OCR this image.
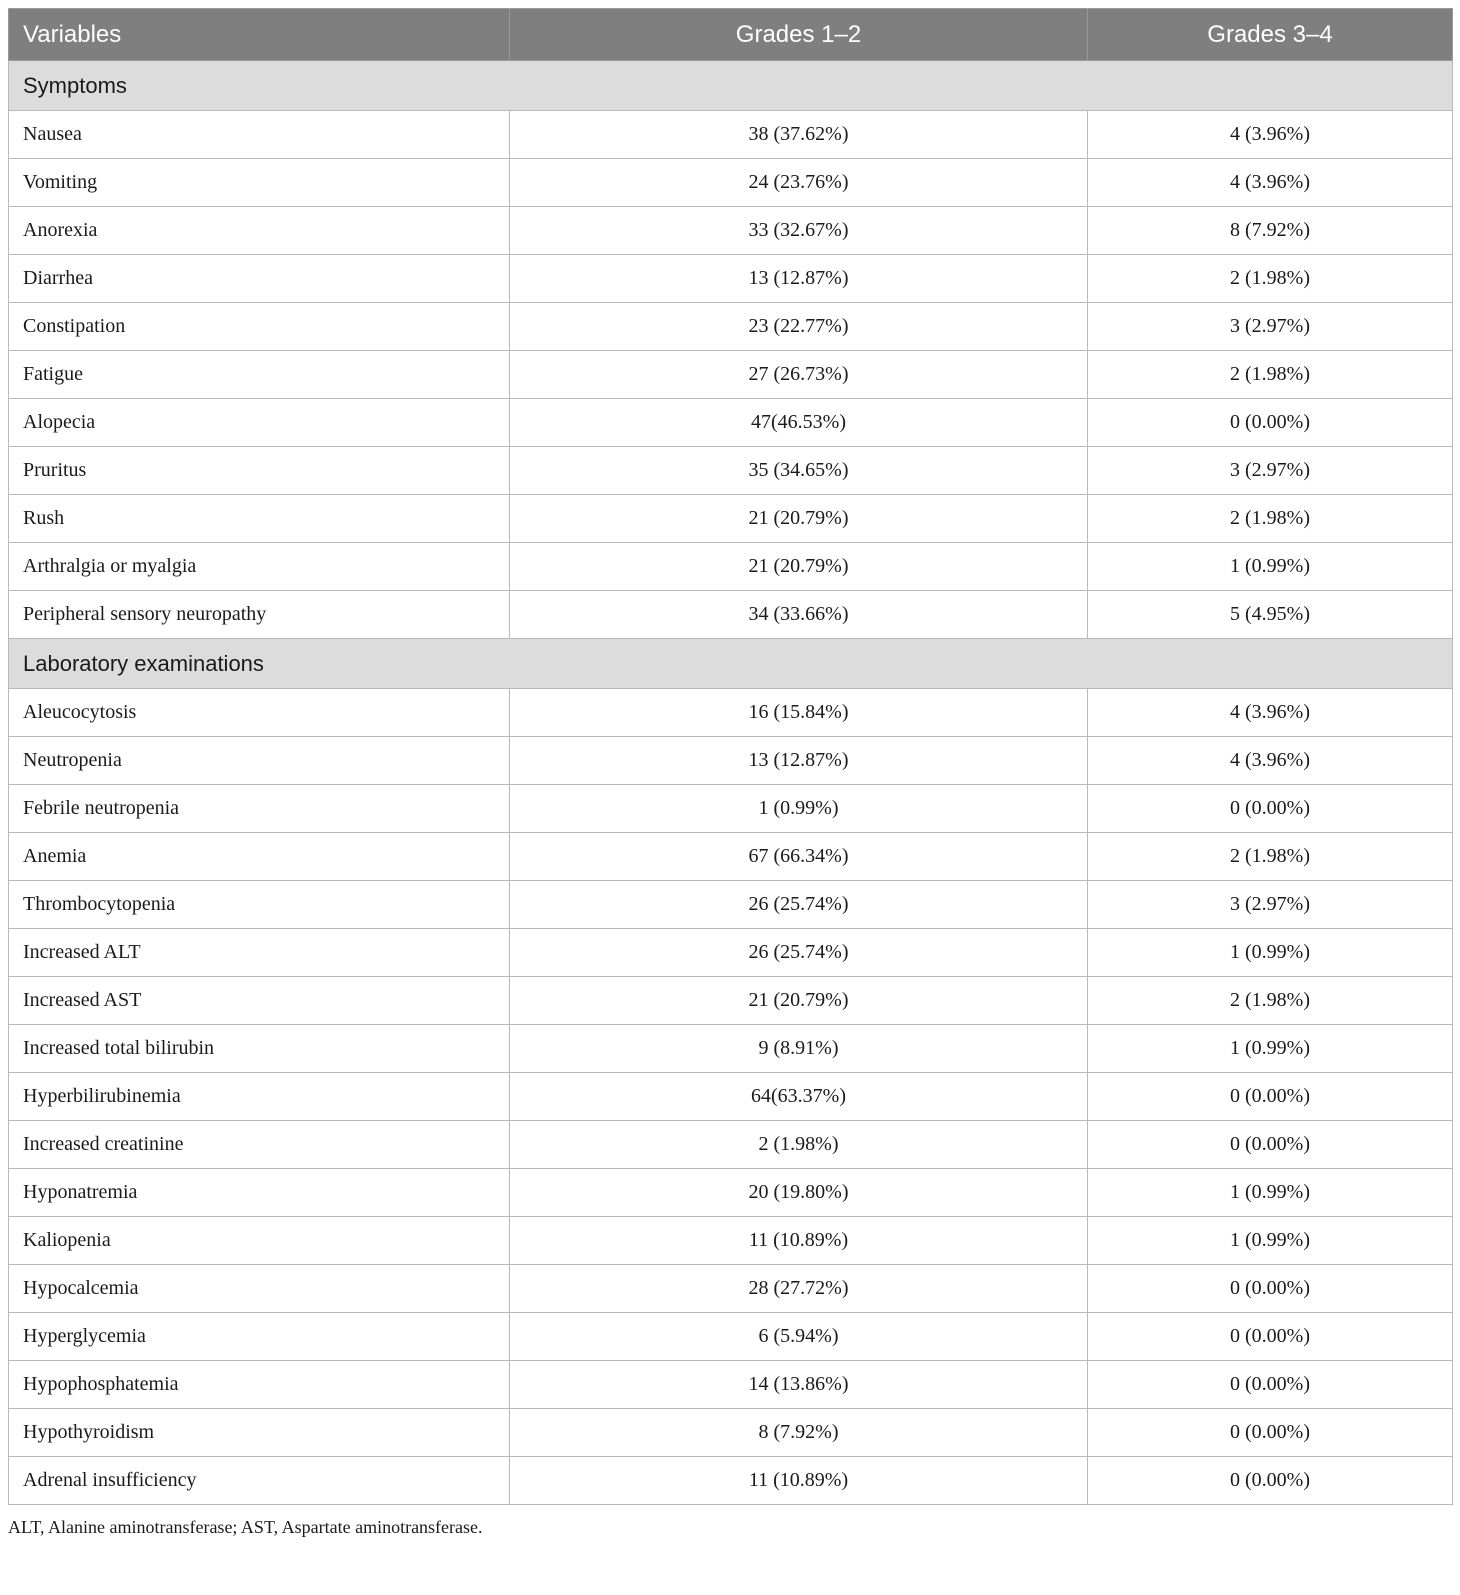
Variables	Grades 1–2	Grades 3–4
Symptoms		
Nausea	38 (37.62%)	4 (3.96%)
Vomiting	24 (23.76%)	4 (3.96%)
Anorexia	33 (32.67%)	8 (7.92%)
Diarrhea	13 (12.87%)	2 (1.98%)
Constipation	23 (22.77%)	3 (2.97%)
Fatigue	27 (26.73%)	2 (1.98%)
Alopecia	47(46.53%)	0 (0.00%)
Pruritus	35 (34.65%)	3 (2.97%)
Rush	21 (20.79%)	2 (1.98%)
Arthralgia or myalgia	21 (20.79%)	1 (0.99%)
Peripheral sensory neuropathy	34 (33.66%)	5 (4.95%)
Laboratory examinations		
Aleucocytosis	16 (15.84%)	4 (3.96%)
Neutropenia	13 (12.87%)	4 (3.96%)
Febrile neutropenia	1 (0.99%)	0 (0.00%)
Anemia	67 (66.34%)	2 (1.98%)
Thrombocytopenia	26 (25.74%)	3 (2.97%)
Increased ALT	26 (25.74%)	1 (0.99%)
Increased AST	21 (20.79%)	2 (1.98%)
Increased total bilirubin	9 (8.91%)	1 (0.99%)
Hyperbilirubinemia	64(63.37%)	0 (0.00%)
Increased creatinine	2 (1.98%)	0 (0.00%)
Hyponatremia	20 (19.80%)	1 (0.99%)
Kaliopenia	11 (10.89%)	1 (0.99%)
Hypocalcemia	28 (27.72%)	0 (0.00%)
Hyperglycemia	6 (5.94%)	0 (0.00%)
Hypophosphatemia	14 (13.86%)	0 (0.00%)
Hypothyroidism	8 (7.92%)	0 (0.00%)
Adrenal insufficiency	11 (10.89%)	0 (0.00%)
ALT, Alanine aminotransferase; AST, Aspartate aminotransferase.
